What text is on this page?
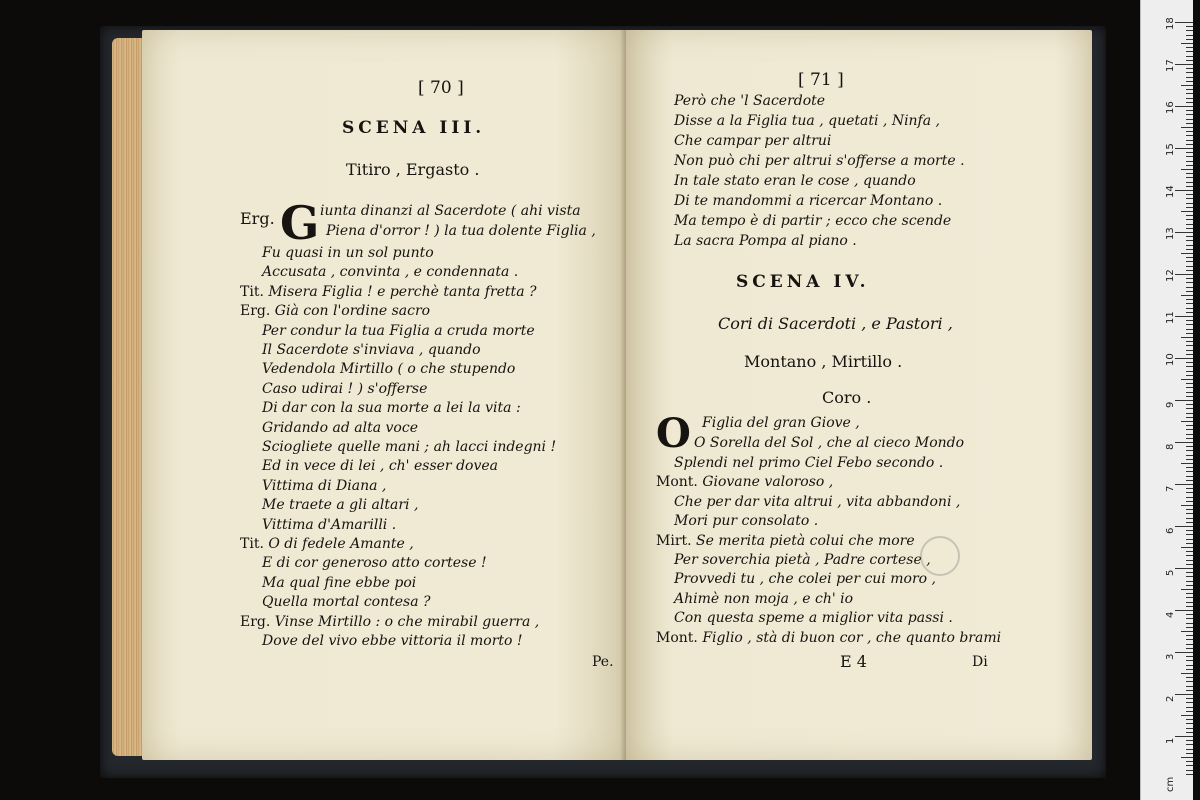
[ 70 ]
SCENA III.
Titiro , Ergasto .
G
Erg.	iunta dinanzi al Sacerdote ( ahi vista
Piena d'orror ! ) la tua dolente Figlia ,
Fu quasi in un sol punto
Accusata , convinta , e condennata .
Tit. Misera Figlia ! e perchè tanta fretta ?
Erg. Già con l'ordine sacro
Per condur la tua Figlia a cruda morte
Il Sacerdote s'inviava , quando
Vedendola Mirtillo ( o che stupendo
Caso udirai ! ) s'offerse
Di dar con la sua morte a lei la vita :
Gridando ad alta voce
Sciogliete quelle mani ; ah lacci indegni !
Ed in vece di lei , ch' esser dovea
Vittima di Diana ,
Me traete a gli altari ,
Vittima d'Amarilli .
Tit. O di fedele Amante ,
E di cor generoso atto cortese !
Ma qual fine ebbe poi
Quella mortal contesa ?
Erg. Vinse Mirtillo : o che mirabil guerra ,
Dove del vivo ebbe vittoria il morto !
Pe.
[ 71 ]
Però che 'l Sacerdote
Disse a la Figlia tua , quetati , Ninfa ,
Che campar per altrui
Non può chi per altrui s'offerse a morte .
In tale stato eran le cose , quando
Di te mandommi a ricercar Montano .
Ma tempo è di partir ; ecco che scende
La sacra Pompa al piano .
SCENA IV.
Cori di Sacerdoti , e Pastori ,
Montano , Mirtillo .
Coro .
O Figlia del gran Giove ,
O Sorella del Sol , che al cieco Mondo
Splendi nel primo Ciel Febo secondo .
Mont. Giovane valoroso ,
Che per dar vita altrui , vita abbandoni ,
Mori pur consolato .
Mirt. Se merita pietà colui che more
Per soverchia pietà , Padre cortese ,
Provvedi tu , che colei per cui moro ,
Ahimè non moja , e ch' io
Con questa speme a miglior vita passi .
Mont. Figlio , stà di buon cor , che quanto brami
E 4	Di
18
17
16
15
14
13
12
11
10
9
8
7
6
5
4
3
2
1
cm
